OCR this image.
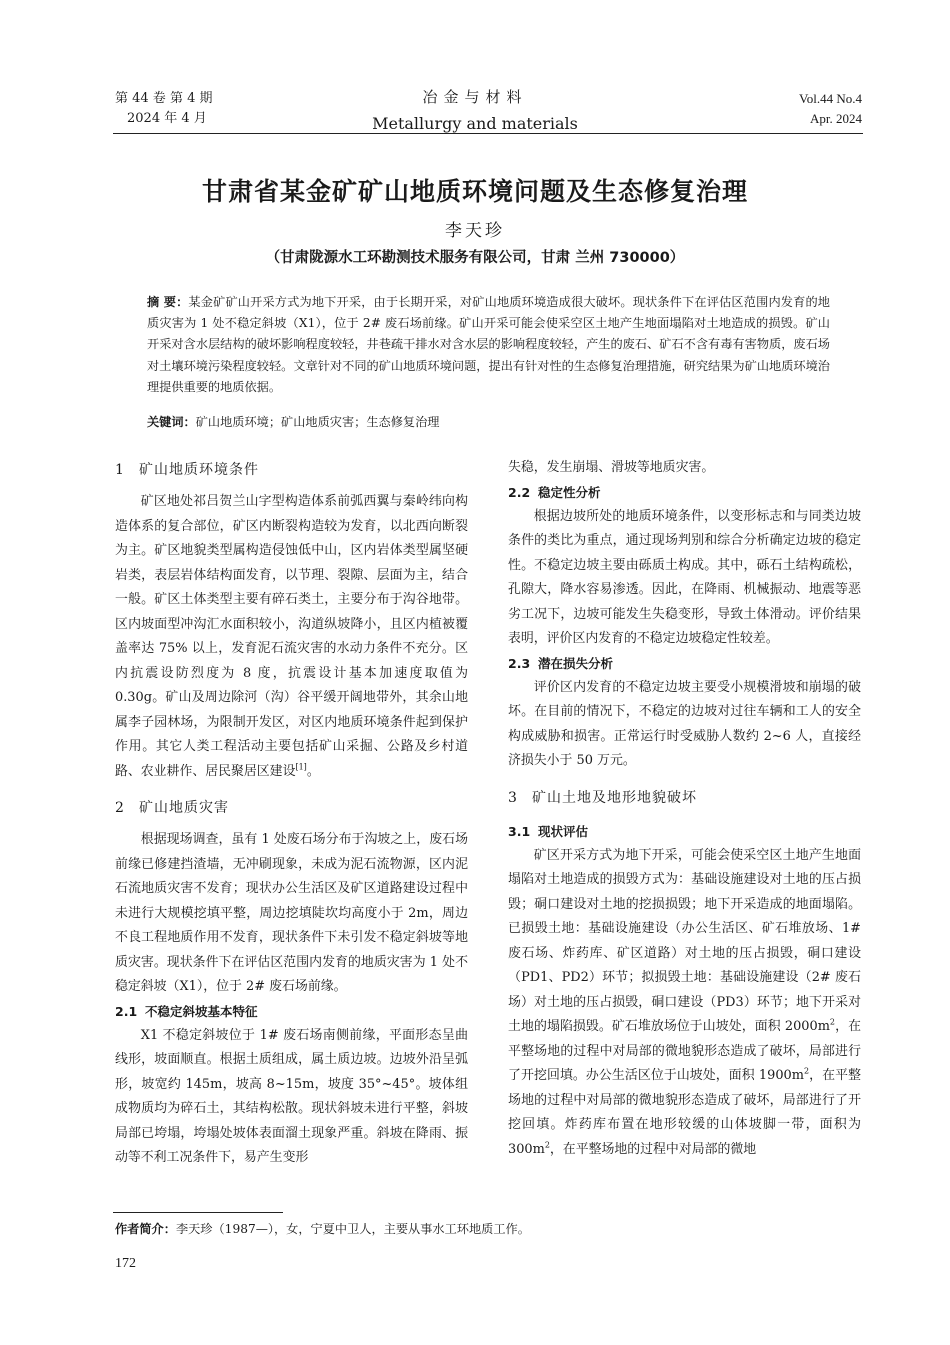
第 44 卷 第 4 期
2024 年 4 月
冶金与材料
Metallurgy and materials
Vol.44 No.4
Apr. 2024
甘肃省某金矿矿山地质环境问题及生态修复治理
李天珍
（甘肃陇源水工环勘测技术服务有限公司，甘肃 兰州 730000）
摘 要：某金矿矿山开采方式为地下开采，由于长期开采，对矿山地质环境造成很大破坏。现状条件下在评估区范围内发育的地质灾害为 1 处不稳定斜坡（X1），位于 2# 废石场前缘。矿山开采可能会使采空区土地产生地面塌陷对土地造成的损毁。矿山开采对含水层结构的破坏影响程度较轻，井巷疏干排水对含水层的影响程度较轻，产生的废石、矿石不含有毒有害物质，废石场对土壤环境污染程度较轻。文章针对不同的矿山地质环境问题，提出有针对性的生态修复治理措施，研究结果为矿山地质环境治理提供重要的地质依据。
关键词：矿山地质环境；矿山地质灾害；生态修复治理
1 矿山地质环境条件

矿区地处祁吕贺兰山字型构造体系前弧西翼与秦岭纬向构造体系的复合部位，矿区内断裂构造较为发育，以北西向断裂为主。矿区地貌类型属构造侵蚀低中山，区内岩体类型属坚硬岩类，表层岩体结构面发育，以节理、裂隙、层面为主，结合一般。矿区土体类型主要有碎石类土，主要分布于沟谷地带。区内坡面型冲沟汇水面积较小，沟道纵坡降小，且区内植被覆盖率达 75% 以上，发育泥石流灾害的水动力条件不充分。区内抗震设防烈度为 8 度，抗震设计基本加速度取值为 0.30g。矿山及周边除河（沟）谷平缓开阔地带外，其余山地属李子园林场，为限制开发区，对区内地质环境条件起到保护作用。其它人类工程活动主要包括矿山采掘、公路及乡村道路、农业耕作、居民聚居区建设[1]。

2 矿山地质灾害

根据现场调查，虽有 1 处废石场分布于沟坡之上，废石场前缘已修建挡渣墙，无冲刷现象，未成为泥石流物源，区内泥石流地质灾害不发育；现状办公生活区及矿区道路建设过程中未进行大规模挖填平整，周边挖填陡坎均高度小于 2m，周边不良工程地质作用不发育，现状条件下未引发不稳定斜坡等地质灾害。现状条件下在评估区范围内发育的地质灾害为 1 处不稳定斜坡（X1），位于 2# 废石场前缘。

2.1 不稳定斜坡基本特征

X1 不稳定斜坡位于 1# 废石场南侧前缘，平面形态呈曲线形，坡面顺直。根据土质组成，属土质边坡。边坡外沿呈弧形，坡宽约 145m，坡高 8~15m，坡度 35°~45°。坡体组成物质均为碎石土，其结构松散。现状斜坡未进行平整，斜坡局部已垮塌，垮塌处坡体表面溜土现象严重。斜坡在降雨、振动等不利工况条件下，易产生变形

失稳，发生崩塌、滑坡等地质灾害。

2.2 稳定性分析

根据边坡所处的地质环境条件，以变形标志和与同类边坡条件的类比为重点，通过现场判别和综合分析确定边坡的稳定性。不稳定边坡主要由砾质土构成。其中，砾石土结构疏松，孔隙大，降水容易渗透。因此，在降雨、机械振动、地震等恶劣工况下，边坡可能发生失稳变形，导致土体滑动。评价结果表明，评价区内发育的不稳定边坡稳定性较差。

2.3 潜在损失分析

评价区内发育的不稳定边坡主要受小规模滑坡和崩塌的破坏。在目前的情况下，不稳定的边坡对过往车辆和工人的安全构成威胁和损害。正常运行时受威胁人数约 2~6 人，直接经济损失小于 50 万元。

3 矿山土地及地形地貌破坏
3.1 现状评估

矿区开采方式为地下开采，可能会使采空区土地产生地面塌陷对土地造成的损毁方式为：基础设施建设对土地的压占损毁；硐口建设对土地的挖损损毁；地下开采造成的地面塌陷。已损毁土地：基础设施建设（办公生活区、矿石堆放场、1# 废石场、炸药库、矿区道路）对土地的压占损毁，硐口建设（PD1、PD2）环节；拟损毁土地：基础设施建设（2# 废石场）对土地的压占损毁，硐口建设（PD3）环节；地下开采对土地的塌陷损毁。矿石堆放场位于山坡处，面积 $2000m^2$，在平整场地的过程中对局部的微地貌形态造成了破坏，局部进行了开挖回填。办公生活区位于山坡处，面积 $1900m^2$，在平整场地的过程中对局部的微地貌形态造成了破坏，局部进行了开挖回填。炸药库布置在地形较缓的山体坡脚一带，面积为 $300m^2$，在平整场地的过程中对局部的微地

作者简介：李天珍（1987—），女，宁夏中卫人，主要从事水工环地质工作。
172
